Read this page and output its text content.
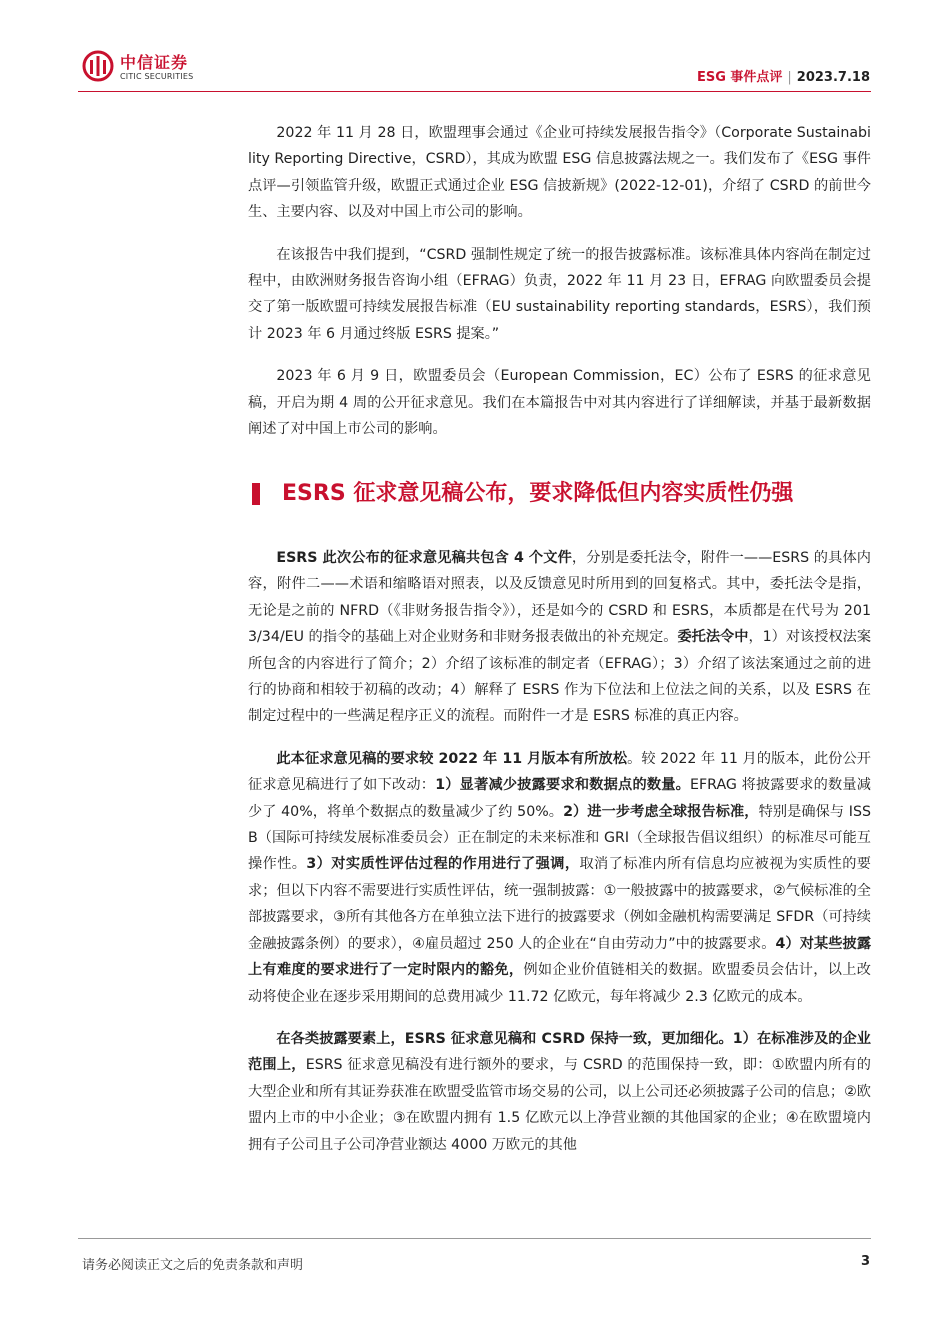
中信证券
CITIC SECURITIES	ESG 事件点评 | 2023.7.18

2022 年 11 月 28 日，欧盟理事会通过《企业可持续发展报告指令》（Corporate Sustainability Reporting Directive，CSRD），其成为欧盟 ESG 信息披露法规之一。我们发布了《ESG 事件点评—引领监管升级，欧盟正式通过企业 ESG 信披新规》(2022-12-01)，介绍了 CSRD 的前世今生、主要内容、以及对中国上市公司的影响。

在该报告中我们提到，“CSRD 强制性规定了统一的报告披露标准。该标准具体内容尚在制定过程中，由欧洲财务报告咨询小组（EFRAG）负责，2022 年 11 月 23 日，EFRAG 向欧盟委员会提交了第一版欧盟可持续发展报告标准（EU sustainability reporting standards，ESRS），我们预计 2023 年 6 月通过终版 ESRS 提案。”

2023 年 6 月 9 日，欧盟委员会（European Commission，EC）公布了 ESRS 的征求意见稿，开启为期 4 周的公开征求意见。我们在本篇报告中对其内容进行了详细解读，并基于最新数据阐述了对中国上市公司的影响。

ESRS 征求意见稿公布，要求降低但内容实质性仍强

ESRS 此次公布的征求意见稿共包含 4 个文件，分别是委托法令，附件一——ESRS 的具体内容，附件二——术语和缩略语对照表，以及反馈意见时所用到的回复格式。其中，委托法令是指，无论是之前的 NFRD（《非财务报告指令》），还是如今的 CSRD 和 ESRS，本质都是在代号为 2013/34/EU 的指令的基础上对企业财务和非财务报表做出的补充规定。委托法令中，1）对该授权法案所包含的内容进行了简介；2）介绍了该标准的制定者（EFRAG）；3）介绍了该法案通过之前的进行的协商和相较于初稿的改动；4）解释了 ESRS 作为下位法和上位法之间的关系，以及 ESRS 在制定过程中的一些满足程序正义的流程。而附件一才是 ESRS 标准的真正内容。

此本征求意见稿的要求较 2022 年 11 月版本有所放松。较 2022 年 11 月的版本，此份公开征求意见稿进行了如下改动：1）显著减少披露要求和数据点的数量。EFRAG 将披露要求的数量减少了 40%，将单个数据点的数量减少了约 50%。2）进一步考虑全球报告标准，特别是确保与 ISSB（国际可持续发展标准委员会）正在制定的未来标准和 GRI（全球报告倡议组织）的标准尽可能互操作性。3）对实质性评估过程的作用进行了强调，取消了标准内所有信息均应被视为实质性的要求；但以下内容不需要进行实质性评估，统一强制披露：①一般披露中的披露要求，②气候标准的全部披露要求，③所有其他各方在单独立法下进行的披露要求（例如金融机构需要满足 SFDR（可持续金融披露条例）的要求），④雇员超过 250 人的企业在“自由劳动力”中的披露要求。4）对某些披露上有难度的要求进行了一定时限内的豁免，例如企业价值链相关的数据。欧盟委员会估计，以上改动将使企业在逐步采用期间的总费用减少 11.72 亿欧元，每年将减少 2.3 亿欧元的成本。

在各类披露要素上，ESRS 征求意见稿和 CSRD 保持一致，更加细化。1）在标准涉及的企业范围上，ESRS 征求意见稿没有进行额外的要求，与 CSRD 的范围保持一致，即：①欧盟内所有的大型企业和所有其证券获准在欧盟受监管市场交易的公司，以上公司还必须披露子公司的信息；②欧盟内上市的中小企业；③在欧盟内拥有 1.5 亿欧元以上净营业额的其他国家的企业；④在欧盟境内拥有子公司且子公司净营业额达 4000 万欧元的其他

请务必阅读正文之后的免责条款和声明	3
